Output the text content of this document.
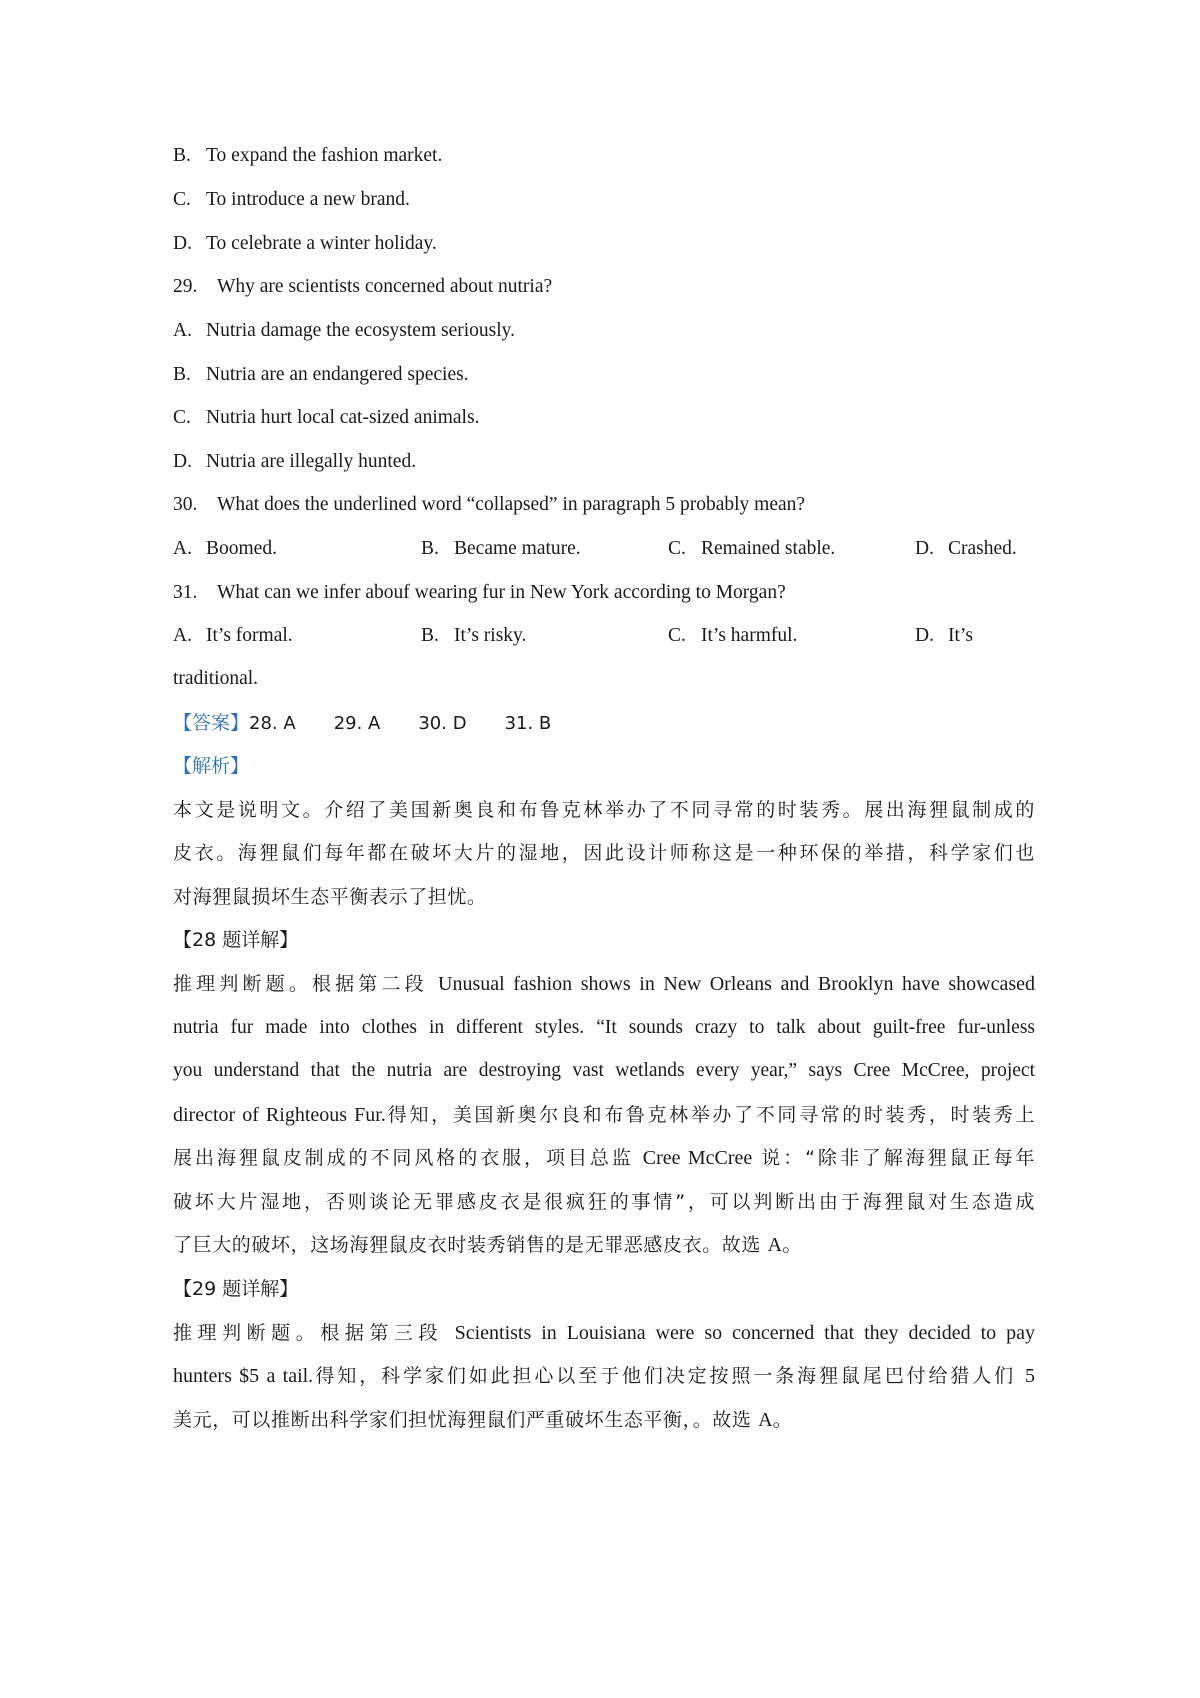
B. To expand the fashion market.
C. To introduce a new brand.
D. To celebrate a winter holiday.
29. Why are scientists concerned about nutria?
A. Nutria damage the ecosystem seriously.
B. Nutria are an endangered species.
C. Nutria hurt local cat-sized animals.
D. Nutria are illegally hunted.
30. What does the underlined word “collapsed” in paragraph 5 probably mean?
A. Boomed.	B. Became mature.	C. Remained stable.	D. Crashed.
31. What can we infer abouf wearing fur in New York according to Morgan?
A. It’s formal.	B. It’s risky.	C. It’s harmful.	D. It’s
traditional.
【答案】28. A 29. A 30. D 31. B
【解析】
本文是说明文。介绍了美国新奥良和布鲁克林举办了不同寻常的时装秀。展出海狸鼠制成的
皮衣。海狸鼠们每年都在破坏大片的湿地，因此设计师称这是一种环保的举措，科学家们也
对海狸鼠损坏生态平衡表示了担忧。
【28 题详解】
推理判断题。根据第二段 Unusual fashion shows in New Orleans and Brooklyn have showcased
nutria fur made into clothes in different styles. “It sounds crazy to talk about guilt-free fur-unless
you understand that the nutria are destroying vast wetlands every year,” says Cree McCree, project
director of Righteous Fur.得知，美国新奥尔良和布鲁克林举办了不同寻常的时装秀，时装秀上
展出海狸鼠皮制成的不同风格的衣服，项目总监 Cree McCree 说：“除非了解海狸鼠正每年
破坏大片湿地，否则谈论无罪感皮衣是很疯狂的事情”，可以判断出由于海狸鼠对生态造成
了巨大的破坏，这场海狸鼠皮衣时装秀销售的是无罪恶感皮衣。故选 A。
【29 题详解】
推理判断题。根据第三段 Scientists in Louisiana were so concerned that they decided to pay
hunters $5 a tail.得知，科学家们如此担心以至于他们决定按照一条海狸鼠尾巴付给猎人们 5
美元，可以推断出科学家们担忧海狸鼠们严重破坏生态平衡，。故选 A。
